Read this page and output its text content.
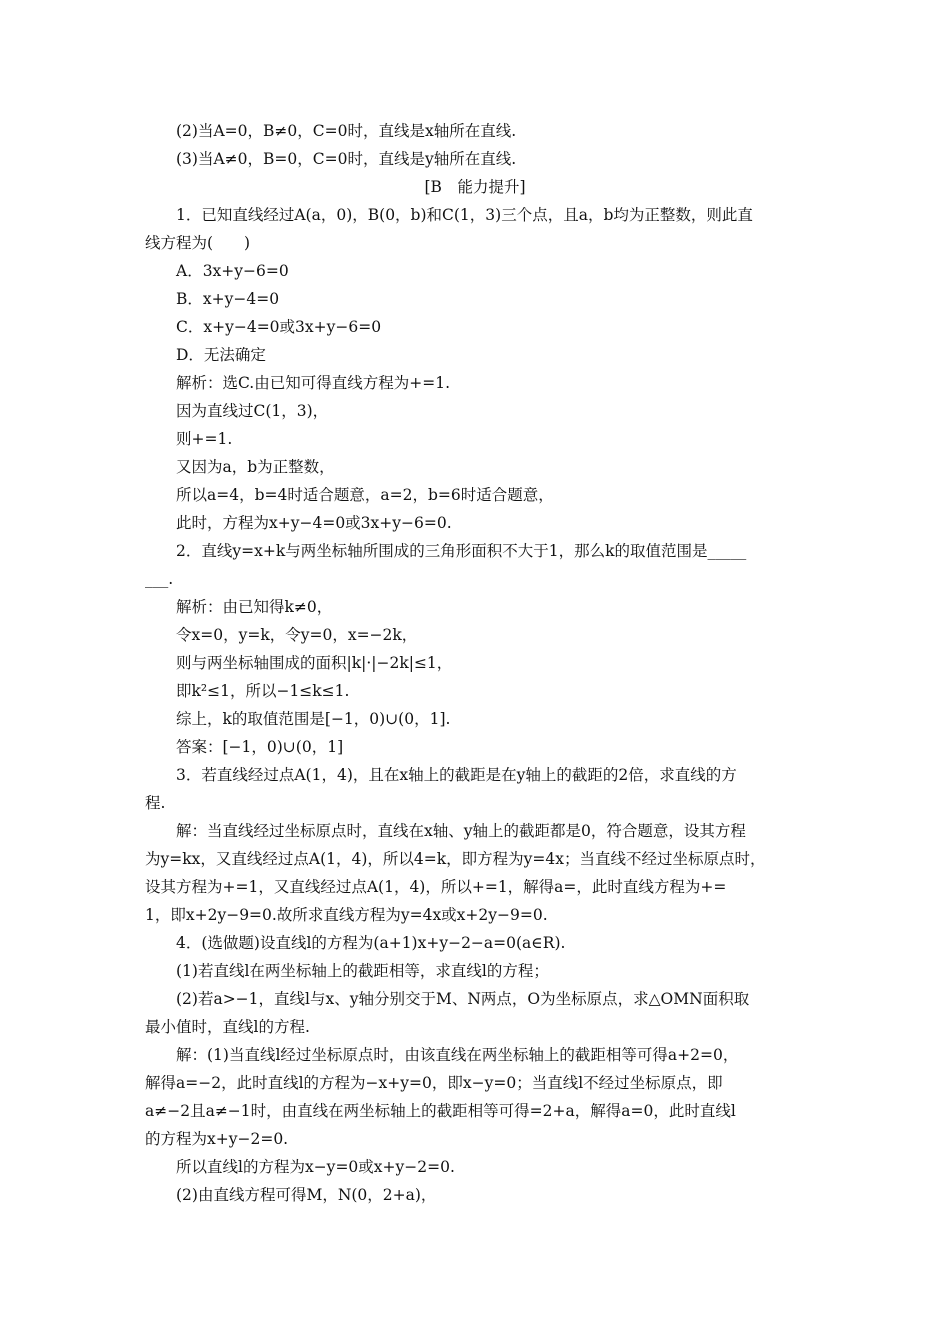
(2)当A=0，B≠0，C=0时，直线是x轴所在直线.
(3)当A≠0，B=0，C=0时，直线是y轴所在直线.
[B　能力提升]
1．已知直线经过A(a，0)，B(0，b)和C(1，3)三个点，且a，b均为正整数，则此直
线方程为(　　)
A．3x+y−6=0
B．x+y−4=0
C．x+y−4=0或3x+y−6=0
D．无法确定
解析：选C.由已知可得直线方程为+=1.
因为直线过C(1，3)，
则+=1.
又因为a，b为正整数，
所以a=4，b=4时适合题意，a=2，b=6时适合题意，
此时，方程为x+y−4=0或3x+y−6=0.
2．直线y=x+k与两坐标轴所围成的三角形面积不大于1，那么k的取值范围是_____
___.
解析：由已知得k≠0，
令x=0，y=k，令y=0，x=−2k，
则与两坐标轴围成的面积|k|·|−2k|≤1，
即k²≤1，所以−1≤k≤1.
综上，k的取值范围是[−1，0)∪(0，1].
答案：[−1，0)∪(0，1]
3．若直线经过点A(1，4)，且在x轴上的截距是在y轴上的截距的2倍，求直线的方
程.
解：当直线经过坐标原点时，直线在x轴、y轴上的截距都是0，符合题意，设其方程
为y=kx，又直线经过点A(1，4)，所以4=k，即方程为y=4x；当直线不经过坐标原点时，
设其方程为+=1，又直线经过点A(1，4)，所以+=1，解得a=，此时直线方程为+=
1，即x+2y−9=0.故所求直线方程为y=4x或x+2y−9=0.
4．(选做题)设直线l的方程为(a+1)x+y−2−a=0(a∈R).
(1)若直线l在两坐标轴上的截距相等，求直线l的方程；
(2)若a>−1，直线l与x、y轴分别交于M、N两点，O为坐标原点，求△OMN面积取
最小值时，直线l的方程.
解：(1)当直线l经过坐标原点时，由该直线在两坐标轴上的截距相等可得a+2=0，
解得a=−2，此时直线l的方程为−x+y=0，即x−y=0；当直线l不经过坐标原点，即
a≠−2且a≠−1时，由直线在两坐标轴上的截距相等可得=2+a，解得a=0，此时直线l
的方程为x+y−2=0.
所以直线l的方程为x−y=0或x+y−2=0.
(2)由直线方程可得M，N(0，2+a)，
